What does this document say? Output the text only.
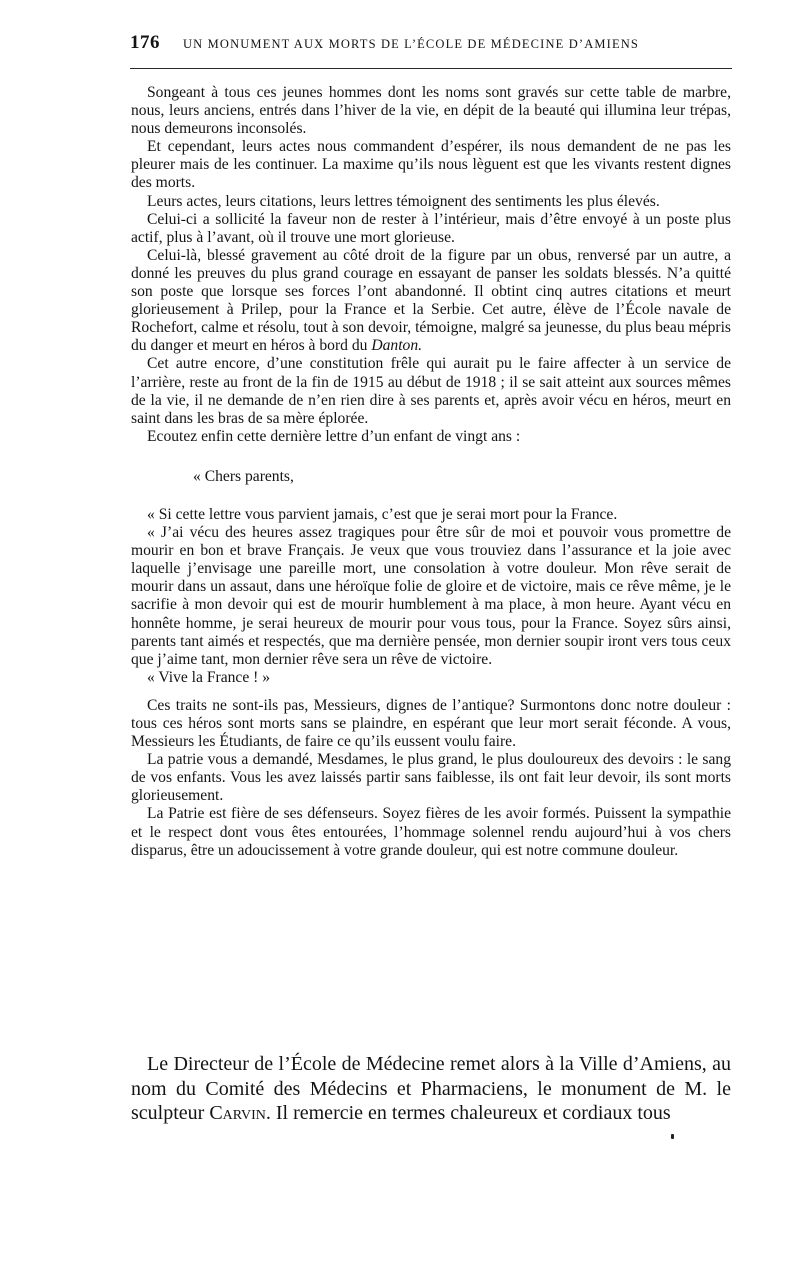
176 UN MONUMENT AUX MORTS DE L’ÉCOLE DE MÉDECINE D’AMIENS

Songeant à tous ces jeunes hommes dont les noms sont gravés sur cette table de marbre, nous, leurs anciens, entrés dans l’hiver de la vie, en dépit de la beauté qui illumina leur trépas, nous demeurons inconsolés.

Et cependant, leurs actes nous commandent d’espérer, ils nous demandent de ne pas les pleurer mais de les continuer. La maxime qu’ils nous lèguent est que les vivants restent dignes des morts.

Leurs actes, leurs citations, leurs lettres témoignent des sentiments les plus élevés.

Celui-ci a sollicité la faveur non de rester à l’intérieur, mais d’être envoyé à un poste plus actif, plus à l’avant, où il trouve une mort glorieuse.

Celui-là, blessé gravement au côté droit de la figure par un obus, renversé par un autre, a donné les preuves du plus grand courage en essayant de panser les soldats blessés. N’a quitté son poste que lorsque ses forces l’ont abandonné. Il obtint cinq autres citations et meurt glorieusement à Prilep, pour la France et la Serbie. Cet autre, élève de l’École navale de Rochefort, calme et résolu, tout à son devoir, témoigne, malgré sa jeunesse, du plus beau mépris du danger et meurt en héros à bord du Danton.

Cet autre encore, d’une constitution frêle qui aurait pu le faire affecter à un service de l’arrière, reste au front de la fin de 1915 au début de 1918 ; il se sait atteint aux sources mêmes de la vie, il ne demande de n’en rien dire à ses parents et, après avoir vécu en héros, meurt en saint dans les bras de sa mère éplorée.

Ecoutez enfin cette dernière lettre d’un enfant de vingt ans :

« Chers parents,

« Si cette lettre vous parvient jamais, c’est que je serai mort pour la France.

« J’ai vécu des heures assez tragiques pour être sûr de moi et pouvoir vous promettre de mourir en bon et brave Français. Je veux que vous trouviez dans l’assurance et la joie avec laquelle j’envisage une pareille mort, une consolation à votre douleur. Mon rêve serait de mourir dans un assaut, dans une héroïque folie de gloire et de victoire, mais ce rêve même, je le sacrifie à mon devoir qui est de mourir humblement à ma place, à mon heure. Ayant vécu en honnête homme, je serai heureux de mourir pour vous tous, pour la France. Soyez sûrs ainsi, parents tant aimés et respectés, que ma dernière pensée, mon dernier soupir iront vers tous ceux que j’aime tant, mon dernier rêve sera un rêve de victoire.

« Vive la France ! »

Ces traits ne sont-ils pas, Messieurs, dignes de l’antique? Surmontons donc notre douleur : tous ces héros sont morts sans se plaindre, en espérant que leur mort serait féconde. A vous, Messieurs les Étudiants, de faire ce qu’ils eussent voulu faire.

La patrie vous a demandé, Mesdames, le plus grand, le plus douloureux des devoirs : le sang de vos enfants. Vous les avez laissés partir sans faiblesse, ils ont fait leur devoir, ils sont morts glorieusement.

La Patrie est fière de ses défenseurs. Soyez fières de les avoir formés. Puissent la sympathie et le respect dont vous êtes entourées, l’hommage solennel rendu aujourd’hui à vos chers disparus, être un adoucissement à votre grande douleur, qui est notre commune douleur.

Le Directeur de l’École de Médecine remet alors à la Ville d’Amiens, au nom du Comité des Médecins et Pharmaciens, le monument de M. le sculpteur Carvin. Il remercie en termes chaleureux et cordiaux tous
